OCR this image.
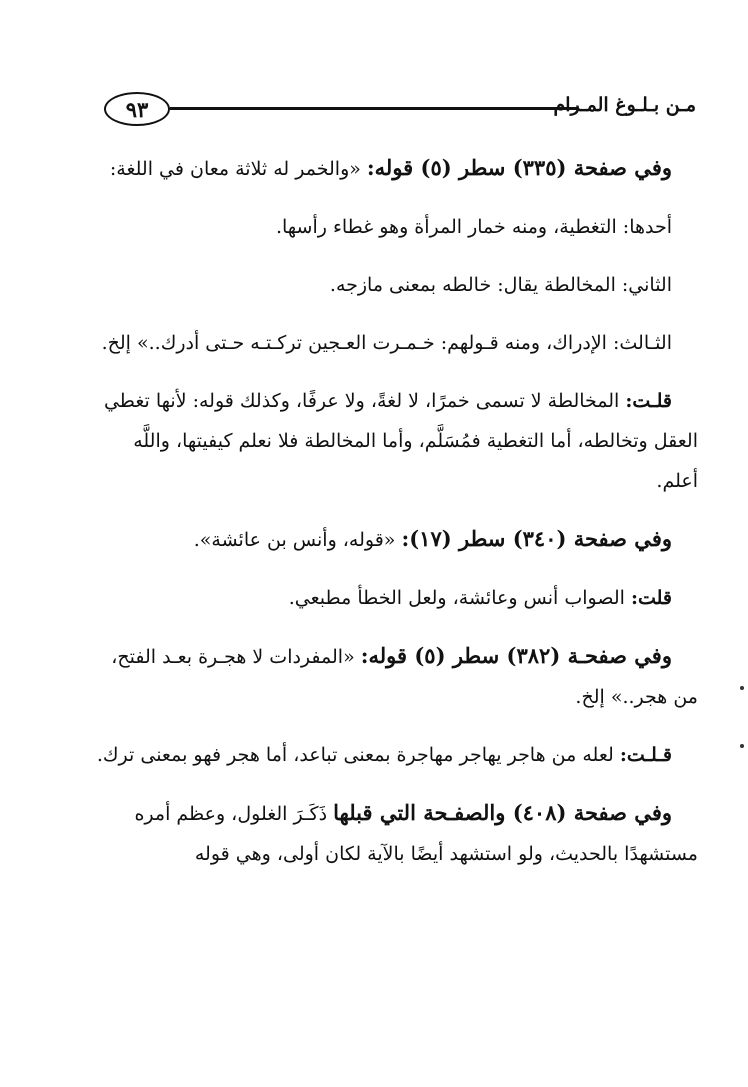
٩٣	مـن بـلـوغ المـرام

وفي صفحة (٣٣٥) سطر (٥) قوله: «والخمر له ثلاثة معان في اللغة:

أحدها: التغطية، ومنه خمار المرأة وهو غطاء رأسها.

الثاني: المخالطة يقال: خالطه بمعنى مازجه.

الثـالث: الإدراك، ومنه قـولهم: خـمـرت العـجين تركـتـه حـتى أدرك..» إلخ.

قلـت: المخالطة لا تسمى خمرًا، لا لغةً، ولا عرفًا، وكذلك قوله: لأنها تغطي العقل وتخالطه، أما التغطية فمُسَلَّم، وأما المخالطة فلا نعلم كيفيتها، واللَّه أعلم.

وفي صفحة (٣٤٠) سطر (١٧): «قوله، وأنس بن عائشة».

قلت: الصواب أنس وعائشة، ولعل الخطأ مطبعي.

وفي صفحـة (٣٨٢) سطر (٥) قوله: «المفردات لا هجـرة بعـد الفتح، من هجر..» إلخ.

قـلـت: لعله من هاجر يهاجر مهاجرة بمعنى تباعد، أما هجر فهو بمعنى ترك.

وفي صفحة (٤٠٨) والصفـحة التي قبلها ذَكَـرَ الغلول، وعظم أمره مستشهدًا بالحديث، ولو استشهد أيضًا بالآية لكان أولى، وهي قوله
